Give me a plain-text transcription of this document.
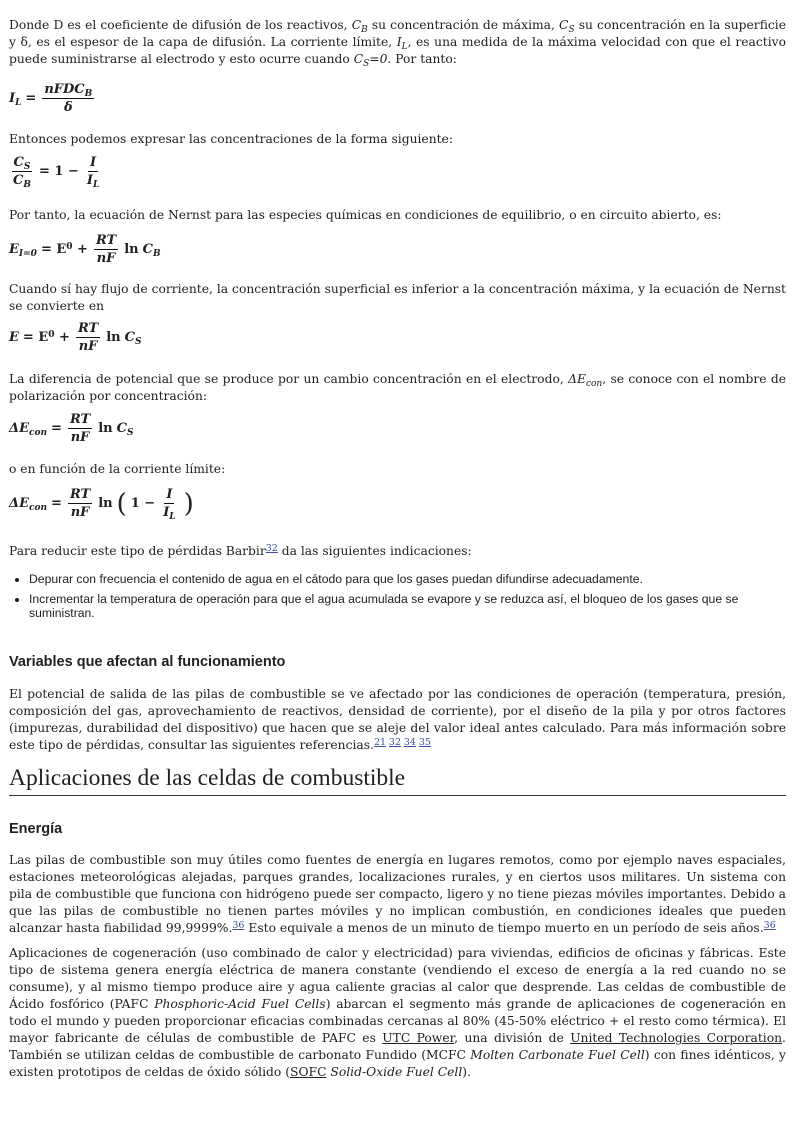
Donde D es el coeficiente de difusión de los reactivos, $C_B$ su concentración de máxima, $C_S$ su concentración en la superficie y δ, es el espesor de la capa de difusión. La corriente límite, $I_L$, es una medida de la máxima velocidad con que el reactivo puede suministrarse al electrodo y esto ocurre cuando $C_S=0$. Por tanto:

$I_L = \frac{nFDC_B}{\delta}$

Entonces podemos expresar las concentraciones de la forma siguiente:

$\frac{C_S}{C_B} = 1 - \frac{I}{I_L}$

Por tanto, la ecuación de Nernst para las especies químicas en condiciones de equilibrio, o en circuito abierto, es:

$E_{I=0} = E^0 + \frac{RT}{nF}$ $\ln C_B$

Cuando sí hay flujo de corriente, la concentración superficial es inferior a la concentración máxima, y la ecuación de Nernst se convierte en

$E = E^0 + \frac{RT}{nF}$ $\ln C_S$

La diferencia de potencial que se produce por un cambio concentración en el electrodo, $\Delta E_{con}$, se conoce con el nombre de polarización por concentración:

$\Delta E_{con} = \frac{RT}{nF}$ $\ln C_S$

o en función de la corriente límite:

$\Delta E_{con} = \frac{RT}{nF}$ ln ( $1 - \frac{I}{I_L}$ )

Para reducir este tipo de pérdidas Barbir$^{32}$ da las siguientes indicaciones:

• Depurar con frecuencia el contenido de agua en el cátodo para que los gases puedan difundirse adecuadamente.
• Incrementar la temperatura de operación para que el agua acumulada se evapore y se reduzca así, el bloqueo de los gases que se suministran.
Variables que afectan al funcionamiento

El potencial de salida de las pilas de combustible se ve afectado por las condiciones de operación (temperatura, presión, composición del gas, aprovechamiento de reactivos, densidad de corriente), por el diseño de la pila y por otros factores (impurezas, durabilidad del dispositivo) que hacen que se aleje del valor ideal antes calculado. Para más información sobre este tipo de pérdidas, consultar las siguientes referencias.$^{21 32 34 35}$

Aplicaciones de las celdas de combustible
Energía

Las pilas de combustible son muy útiles como fuentes de energía en lugares remotos, como por ejemplo naves espaciales, estaciones meteorológicas alejadas, parques grandes, localizaciones rurales, y en ciertos usos militares. Un sistema con pila de combustible que funciona con hidrógeno puede ser compacto, ligero y no tiene piezas móviles importantes. Debido a que las pilas de combustible no tienen partes móviles y no implican combustión, en condiciones ideales que pueden alcanzar hasta fiabilidad 99,9999%.$^{36}$ Esto equivale a menos de un minuto de tiempo muerto en un período de seis años.$^{36}$

Aplicaciones de cogeneración (uso combinado de calor y electricidad) para viviendas, edificios de oficinas y fábricas. Este tipo de sistema genera energía eléctrica de manera constante (vendiendo el exceso de energía a la red cuando no se consume), y al mismo tiempo produce aire y agua caliente gracias al calor que desprende. Las celdas de combustible de Ácido fosfórico (PAFC Phosphoric-Acid Fuel Cells) abarcan el segmento más grande de aplicaciones de cogeneración en todo el mundo y pueden proporcionar eficacias combinadas cercanas al 80% (45-50% eléctrico + el resto como térmica). El mayor fabricante de células de combustible de PAFC es UTC Power, una división de United Technologies Corporation. También se utilizan celdas de combustible de carbonato Fundido (MCFC Molten Carbonate Fuel Cell) con fines idénticos, y existen prototipos de celdas de óxido sólido (SOFC Solid-Oxide Fuel Cell).
